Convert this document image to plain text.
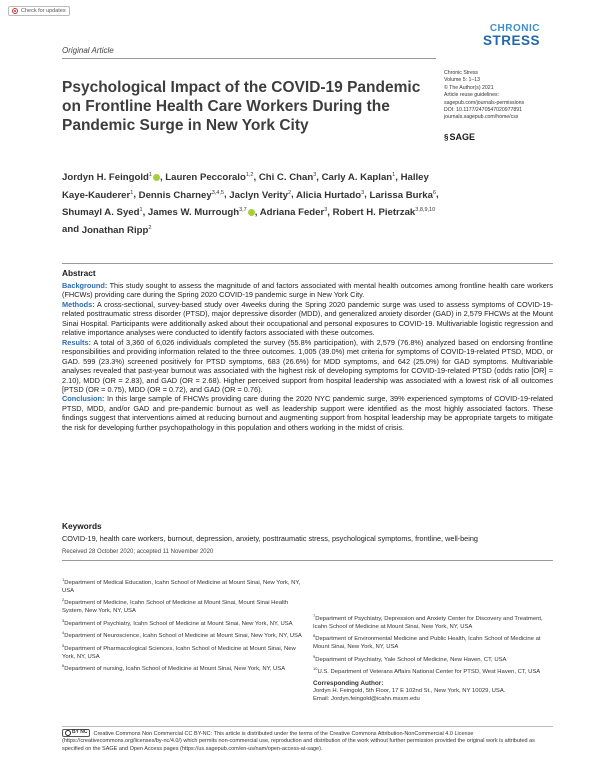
Check for updates
Original Article
CHRONIC
STRESS
Chronic Stress
Volume 5: 1–13
© The Author(s) 2021
Article reuse guidelines:
sagepub.com/journals-permissions
DOI: 10.1177/2470547020977891
journals.sagepub.com/home/css
§ SAGE
Psychological Impact of the COVID-19 Pandemic on Frontline Health Care Workers During the Pandemic Surge in New York City
Jordyn H. Feingold$^1$ , Lauren Peccoralo$^{1,2}$, Chi C. Chan$^3$, Carly A. Kaplan$^1$, Halley Kaye-Kauderer$^1$, Dennis Charney$^{3,4,5}$, Jaclyn Verity$^2$, Alicia Hurtado$^3$, Larissa Burka$^6$, Shumayl A. Syed$^1$, James W. Murrough$^{3,7}$ , Adriana Feder$^3$, Robert H. Pietrzak$^{3,8,9,10}$ and Jonathan Ripp$^2$
Abstract

Background: This study sought to assess the magnitude of and factors associated with mental health outcomes among frontline health care workers (FHCWs) providing care during the Spring 2020 COVID-19 pandemic surge in New York City.

Methods: A cross-sectional, survey-based study over 4weeks during the Spring 2020 pandemic surge was used to assess symptoms of COVID-19-related posttraumatic stress disorder (PTSD), major depressive disorder (MDD), and generalized anxiety disorder (GAD) in 2,579 FHCWs at the Mount Sinai Hospital. Participants were additionally asked about their occupational and personal exposures to COVID-19. Multivariable logistic regression and relative importance analyses were conducted to identify factors associated with these outcomes.

Results: A total of 3,360 of 6,026 individuals completed the survey (55.8% participation), with 2,579 (76.8%) analyzed based on endorsing frontline responsibilities and providing information related to the three outcomes. 1,005 (39.0%) met criteria for symptoms of COVID-19-related PTSD, MDD, or GAD. 599 (23.3%) screened positively for PTSD symptoms, 683 (26.6%) for MDD symptoms, and 642 (25.0%) for GAD symptoms. Multivariable analyses revealed that past-year burnout was associated with the highest risk of developing symptoms for COVID-19-related PTSD (odds ratio [OR] = 2.10), MDD (OR = 2.83), and GAD (OR = 2.68). Higher perceived support from hospital leadership was associated with a lowest risk of all outcomes [PTSD (OR = 0.75), MDD (OR = 0.72), and GAD (OR = 0.76).

Conclusion: In this large sample of FHCWs providing care during the 2020 NYC pandemic surge, 39% experienced symptoms of COVID-19-related PTSD, MDD, and/or GAD and pre-pandemic burnout as well as leadership support were identified as the most highly associated factors. These findings suggest that interventions aimed at reducing burnout and augmenting support from hospital leadership may be appropriate targets to mitigate the risk for developing further psychopathology in this population and others working in the midst of crisis.

Keywords
COVID-19, health care workers, burnout, depression, anxiety, posttraumatic stress, psychological symptoms, frontline, well-being
Received 28 October 2020; accepted 11 November 2020

$^1$Department of Medical Education, Icahn School of Medicine at Mount Sinai, New York, NY, USA

$^2$Department of Medicine, Icahn School of Medicine at Mount Sinai, Mount Sinai Health System, New York, NY, USA

$^3$Department of Psychiatry, Icahn School of Medicine at Mount Sinai, New York, NY, USA

$^4$Department of Neuroscience, Icahn School of Medicine at Mount Sinai, New York, NY, USA

$^5$Department of Pharmacological Sciences, Icahn School of Medicine at Mount Sinai, New York, NY, USA

$^6$Department of nursing, Icahn School of Medicine at Mount Sinai, New York, NY, USA

$^7$Department of Psychiatry, Depression and Anxiety Center for Discovery and Treatment, Icahn School of Medicine at Mount Sinai, New York, NY, USA

$^8$Department of Environmental Medicine and Public Health, Icahn School of Medicine at Mount Sinai, New York, NY, USA

$^9$Department of Psychiatry, Yale School of Medicine, New Haven, CT, USA

$^{10}$U.S. Department of Veterans Affairs National Center for PTSD, West Haven, CT, USA

Corresponding Author:
Jordyn H. Feingold, 5th Floor, 17 E 102nd St., New York, NY 10029, USA.
Email: Jordyn.feingold@icahn.mssm.edu
BY NC Creative Commons Non Commercial CC BY-NC: This article is distributed under the terms of the Creative Commons Attribution-NonCommercial 4.0 License (https://creativecommons.org/licenses/by-nc/4.0/) which permits non-commercial use, reproduction and distribution of the work without further permission provided the original work is attributed as specified on the SAGE and Open Access pages (https://us.sagepub.com/en-us/nam/open-access-at-sage).
